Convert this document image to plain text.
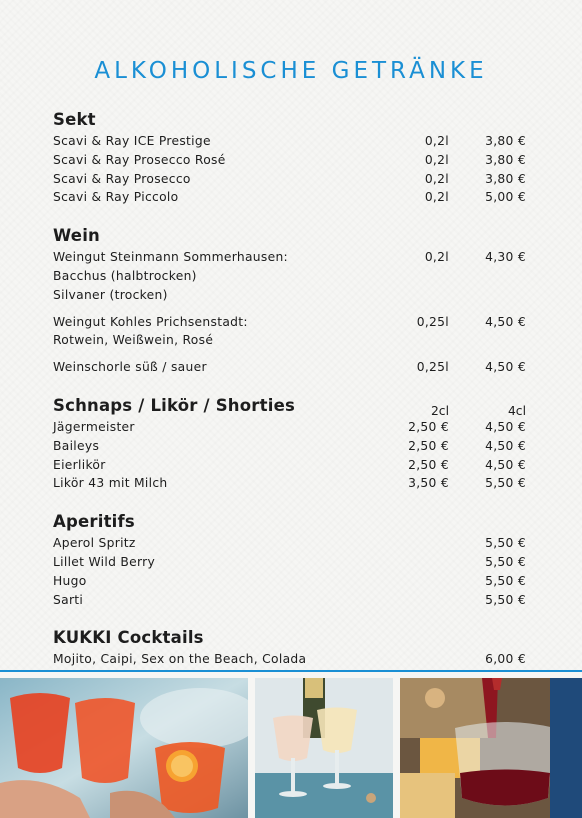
ALKOHOLISCHE GETRÄNKE
Sekt
Scavi & Ray ICE Prestige	0,2l	3,80 €
Scavi & Ray Prosecco Rosé	0,2l	3,80 €
Scavi & Ray Prosecco	0,2l	3,80 €
Scavi & Ray Piccolo	0,2l	5,00 €
Wein
Weingut Steinmann Sommerhausen:	0,2l	4,30 €
Bacchus (halbtrocken)
Silvaner (trocken)
Weingut Kohles Prichsenstadt:	0,25l	4,50 €
Rotwein, Weißwein, Rosé
Weinschorle süß / sauer	0,25l	4,50 €
Schnaps / Likör / Shorties	2cl	4cl
Jägermeister	2,50 €	4,50 €
Baileys	2,50 €	4,50 €
Eierlikör	2,50 €	4,50 €
Likör 43 mit Milch	3,50 €	5,50 €
Aperitifs
Aperol Spritz	5,50 €
Lillet Wild Berry	5,50 €
Hugo	5,50 €
Sarti	5,50 €
KUKKI Cocktails
Mojito, Caipi, Sex on the Beach, Colada	6,00 €
